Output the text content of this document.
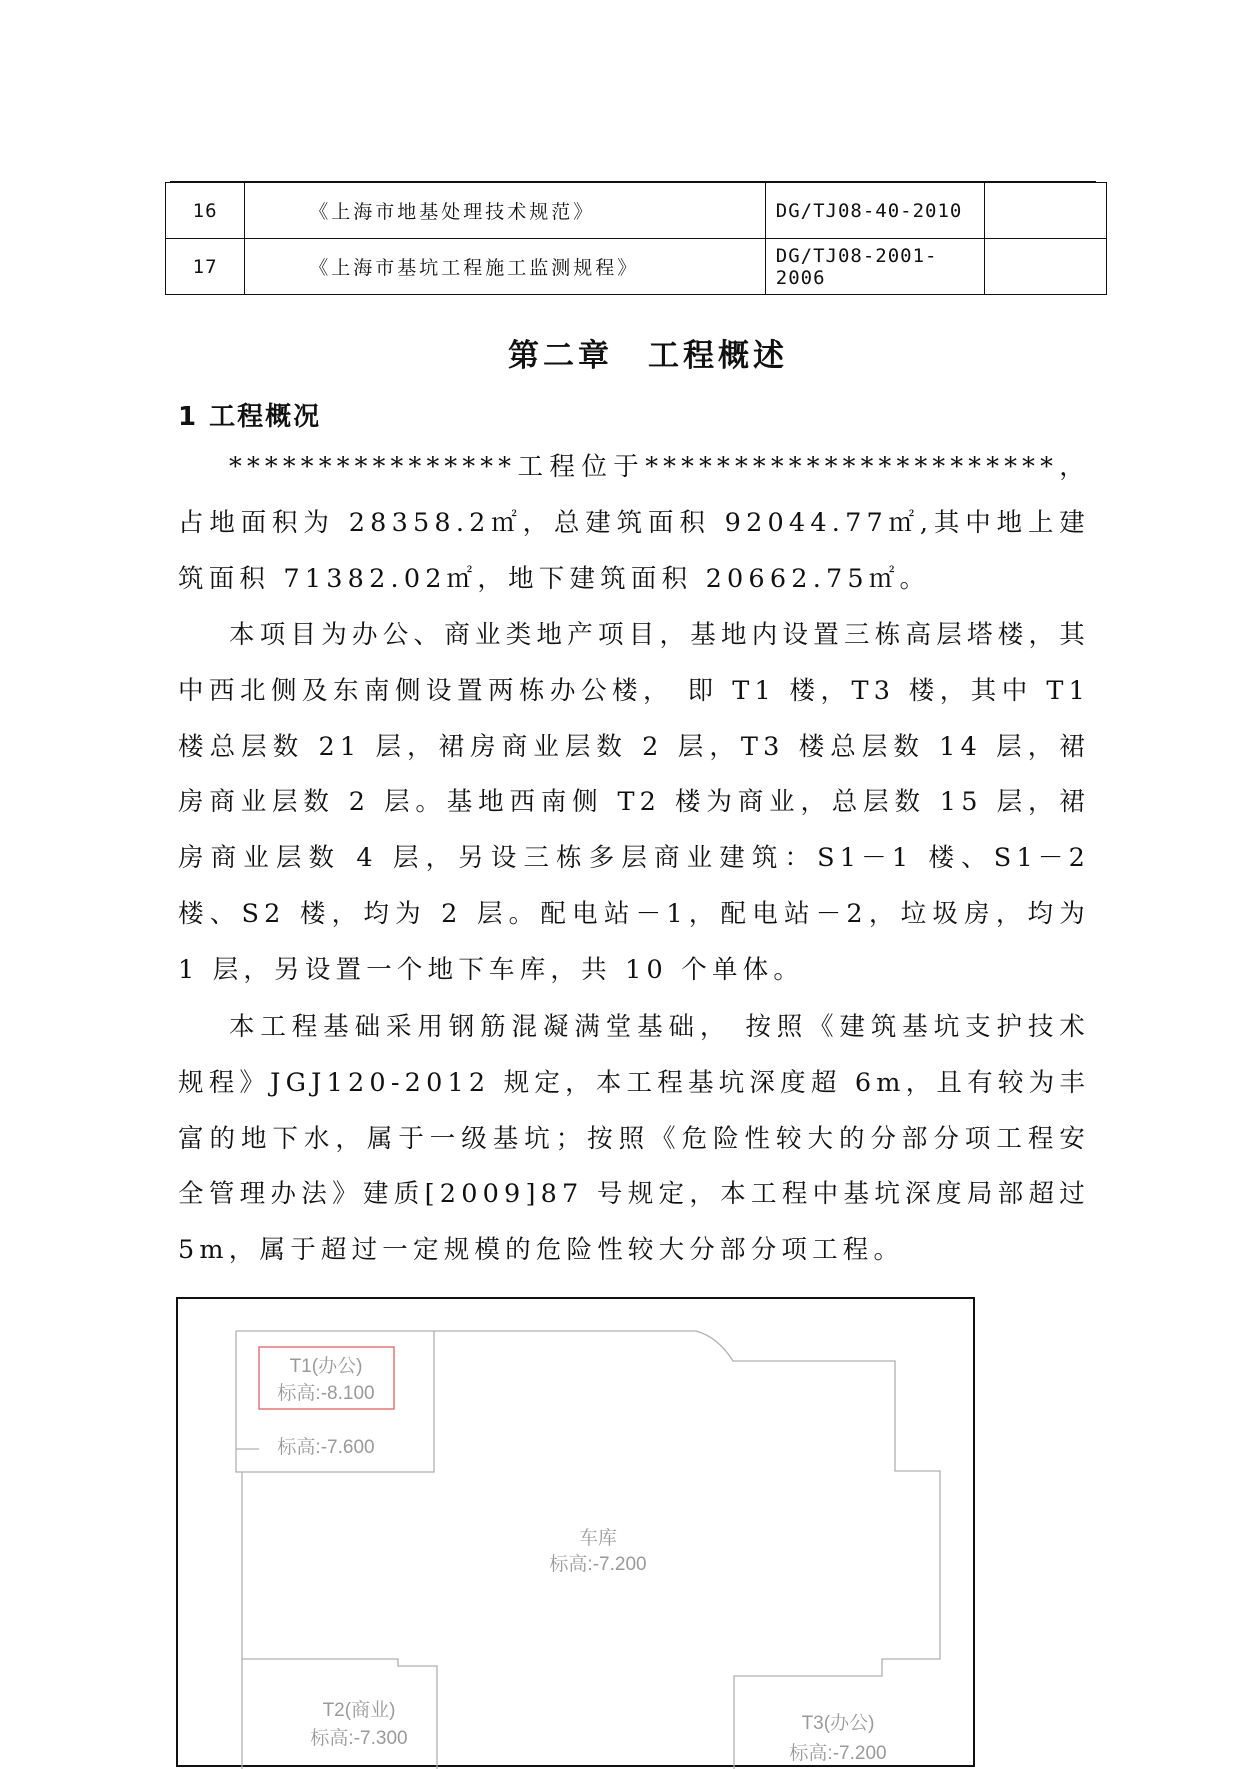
16	《上海市地基处理技术规范》	DG/TJ08-40-2010	
17	《上海市基坑工程施工监测规程》	DG/TJ08-2001-2006	
第二章　工程概述
1 工程概况

****************工程位于***********************，占地面积为 28358.2㎡，总建筑面积 92044.77㎡,其中地上建筑面积 71382.02㎡，地下建筑面积 20662.75㎡。

本项目为办公、商业类地产项目，基地内设置三栋高层塔楼，其中西北侧及东南侧设置两栋办公楼， 即 T1 楼，T3 楼，其中 T1 楼总层数 21 层，裙房商业层数 2 层，T3 楼总层数 14 层，裙房商业层数 2 层。基地西南侧 T2 楼为商业，总层数 15 层，裙房商业层数 4 层，另设三栋多层商业建筑：S1－1 楼、S1－2 楼、S2 楼，均为 2 层。配电站－1，配电站－2，垃圾房，均为 1 层，另设置一个地下车库，共 10 个单体。

本工程基础采用钢筋混凝满堂基础， 按照《建筑基坑支护技术规程》JGJ120-2012 规定，本工程基坑深度超 6m，且有较为丰富的地下水，属于一级基坑；按照《危险性较大的分部分项工程安全管理办法》建质[2009]87 号规定，本工程中基坑深度局部超过 5m，属于超过一定规模的危险性较大分部分项工程。

T1(办公)
标高:-8.100
标高:-7.600
车库
标高:-7.200
T2(商业)
标高:-7.300
T3(办公)
标高:-7.200
